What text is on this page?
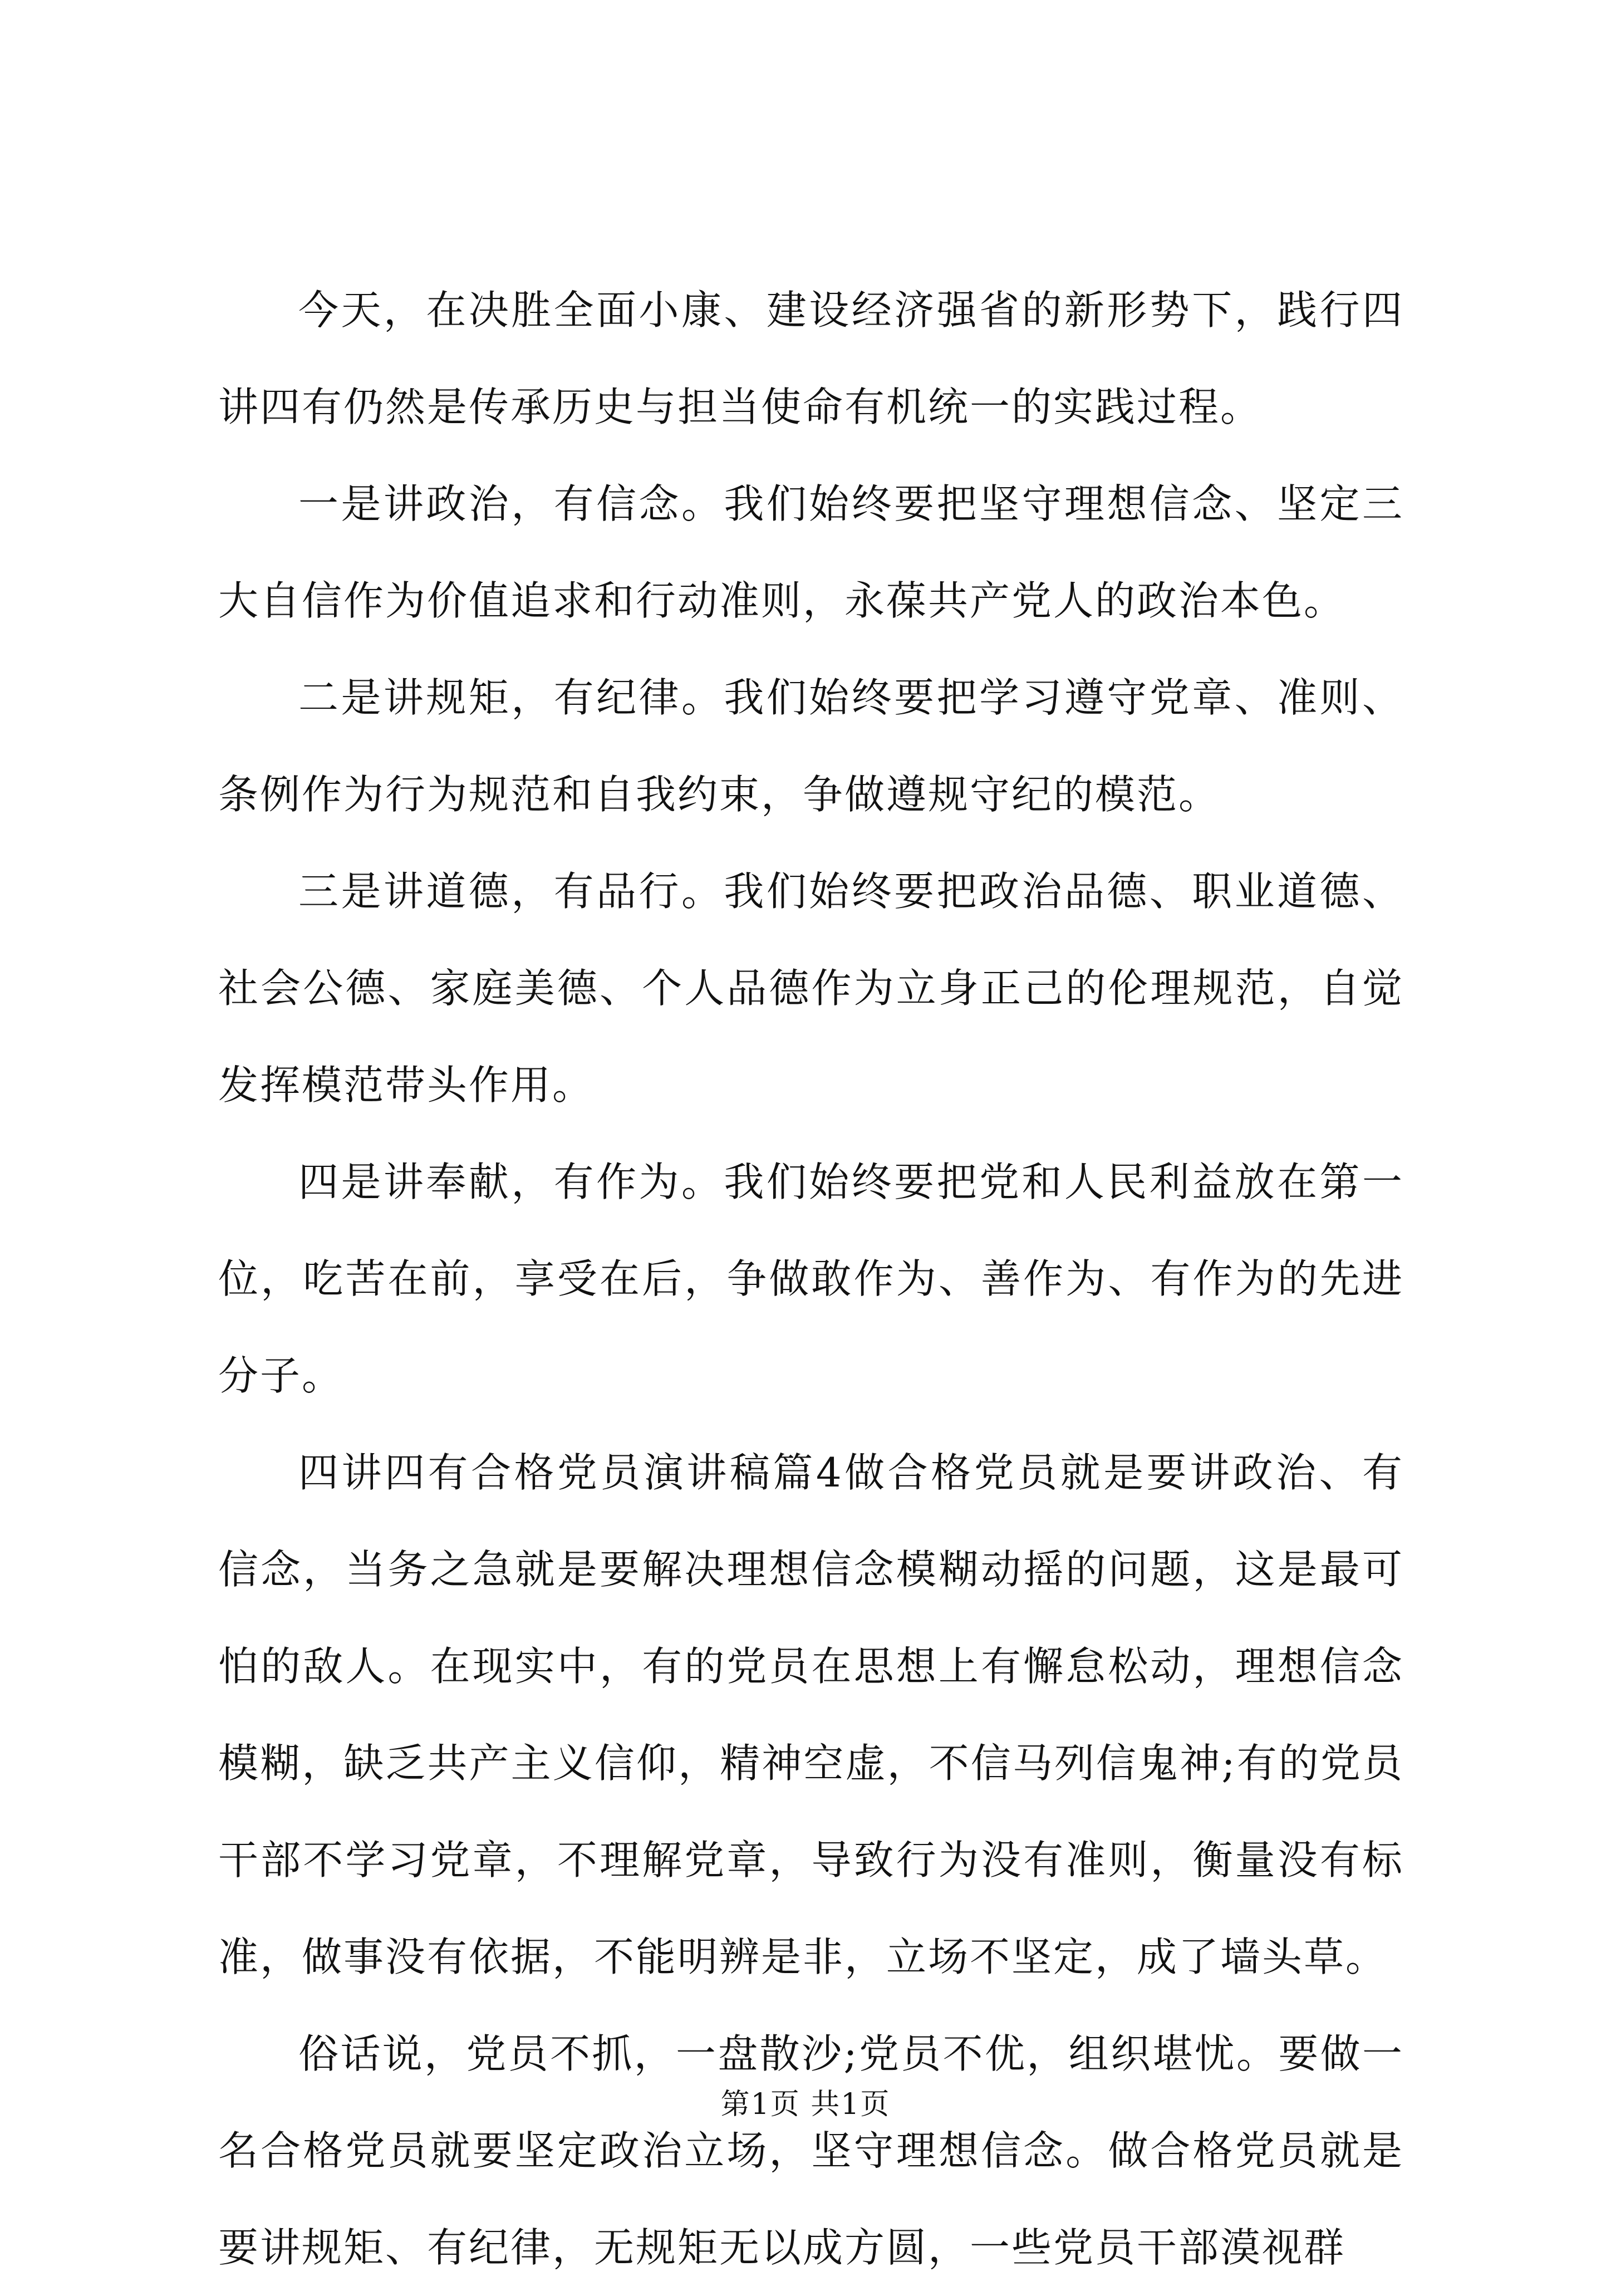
今天，在决胜全面小康、建设经济强省的新形势下，践行四讲四有仍然是传承历史与担当使命有机统一的实践过程。

一是讲政治，有信念。我们始终要把坚守理想信念、坚定三大自信作为价值追求和行动准则，永葆共产党人的政治本色。

二是讲规矩，有纪律。我们始终要把学习遵守党章、准则、条例作为行为规范和自我约束，争做遵规守纪的模范。

三是讲道德，有品行。我们始终要把政治品德、职业道德、社会公德、家庭美德、个人品德作为立身正己的伦理规范，自觉发挥模范带头作用。

四是讲奉献，有作为。我们始终要把党和人民利益放在第一位，吃苦在前，享受在后，争做敢作为、善作为、有作为的先进分子。

四讲四有合格党员演讲稿篇4做合格党员就是要讲政治、有信念，当务之急就是要解决理想信念模糊动摇的问题，这是最可怕的敌人。在现实中，有的党员在思想上有懈怠松动，理想信念模糊，缺乏共产主义信仰，精神空虚，不信马列信鬼神;有的党员干部不学习党章，不理解党章，导致行为没有准则，衡量没有标准，做事没有依据，不能明辨是非，立场不坚定，成了墙头草。

俗话说，党员不抓，一盘散沙;党员不优，组织堪忧。要做一名合格党员就要坚定政治立场，坚守理想信念。做合格党员就是要讲规矩、有纪律，无规矩无以成方圆，一些党员干部漠视群

第1页 共1页
